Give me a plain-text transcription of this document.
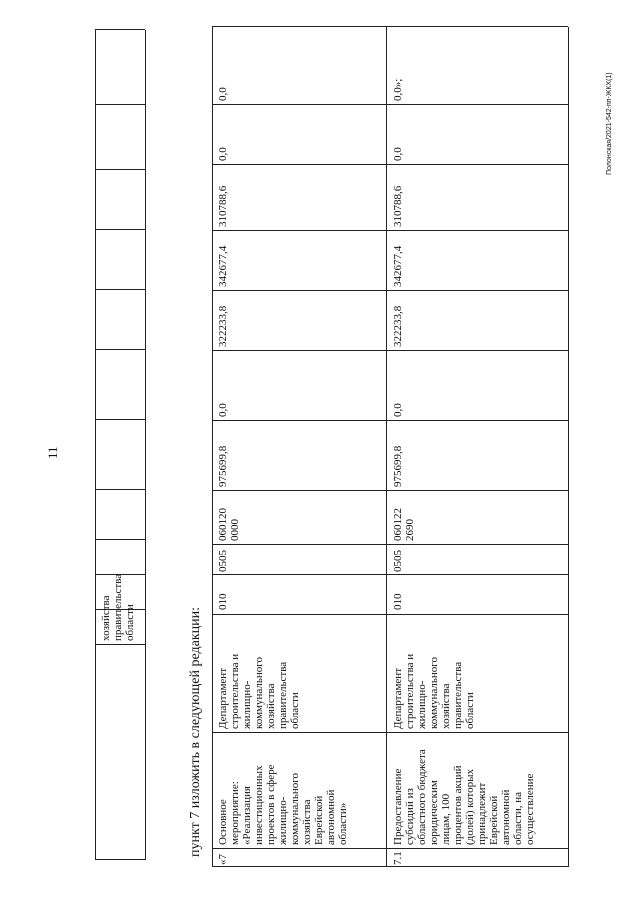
11
Полонская/2021-542-пп-ЖКХ(1)
хозяйства
правительства
области	пункт 7 изложить в следующей редакции:
«7
Основное
мероприятие:
«Реализация
инвестиционных
проектов в сфере
жилищно-
коммунального
хозяйства
Еврейской
автономной
области»
010
0505
060120
0000
975699,8
0,0
322233,8
342677,4
310788,6
0,0
0,0
7.1
Предоставление
субсидий из
областного бюджета
юридическим
лицам, 100
процентов акций
(долей) которых
принадлежит
Еврейской
автономной
области, на
осуществление
010
0505
060122
2690
975699,8
0,0
322233,8
342677,4
310788,6
0,0
0,0»;
Департамент
строительства и
жилищно-
коммунального
хозяйства
правительства
области	Департамент
строительства и
жилищно-
коммунального
хозяйства
правительства
области
